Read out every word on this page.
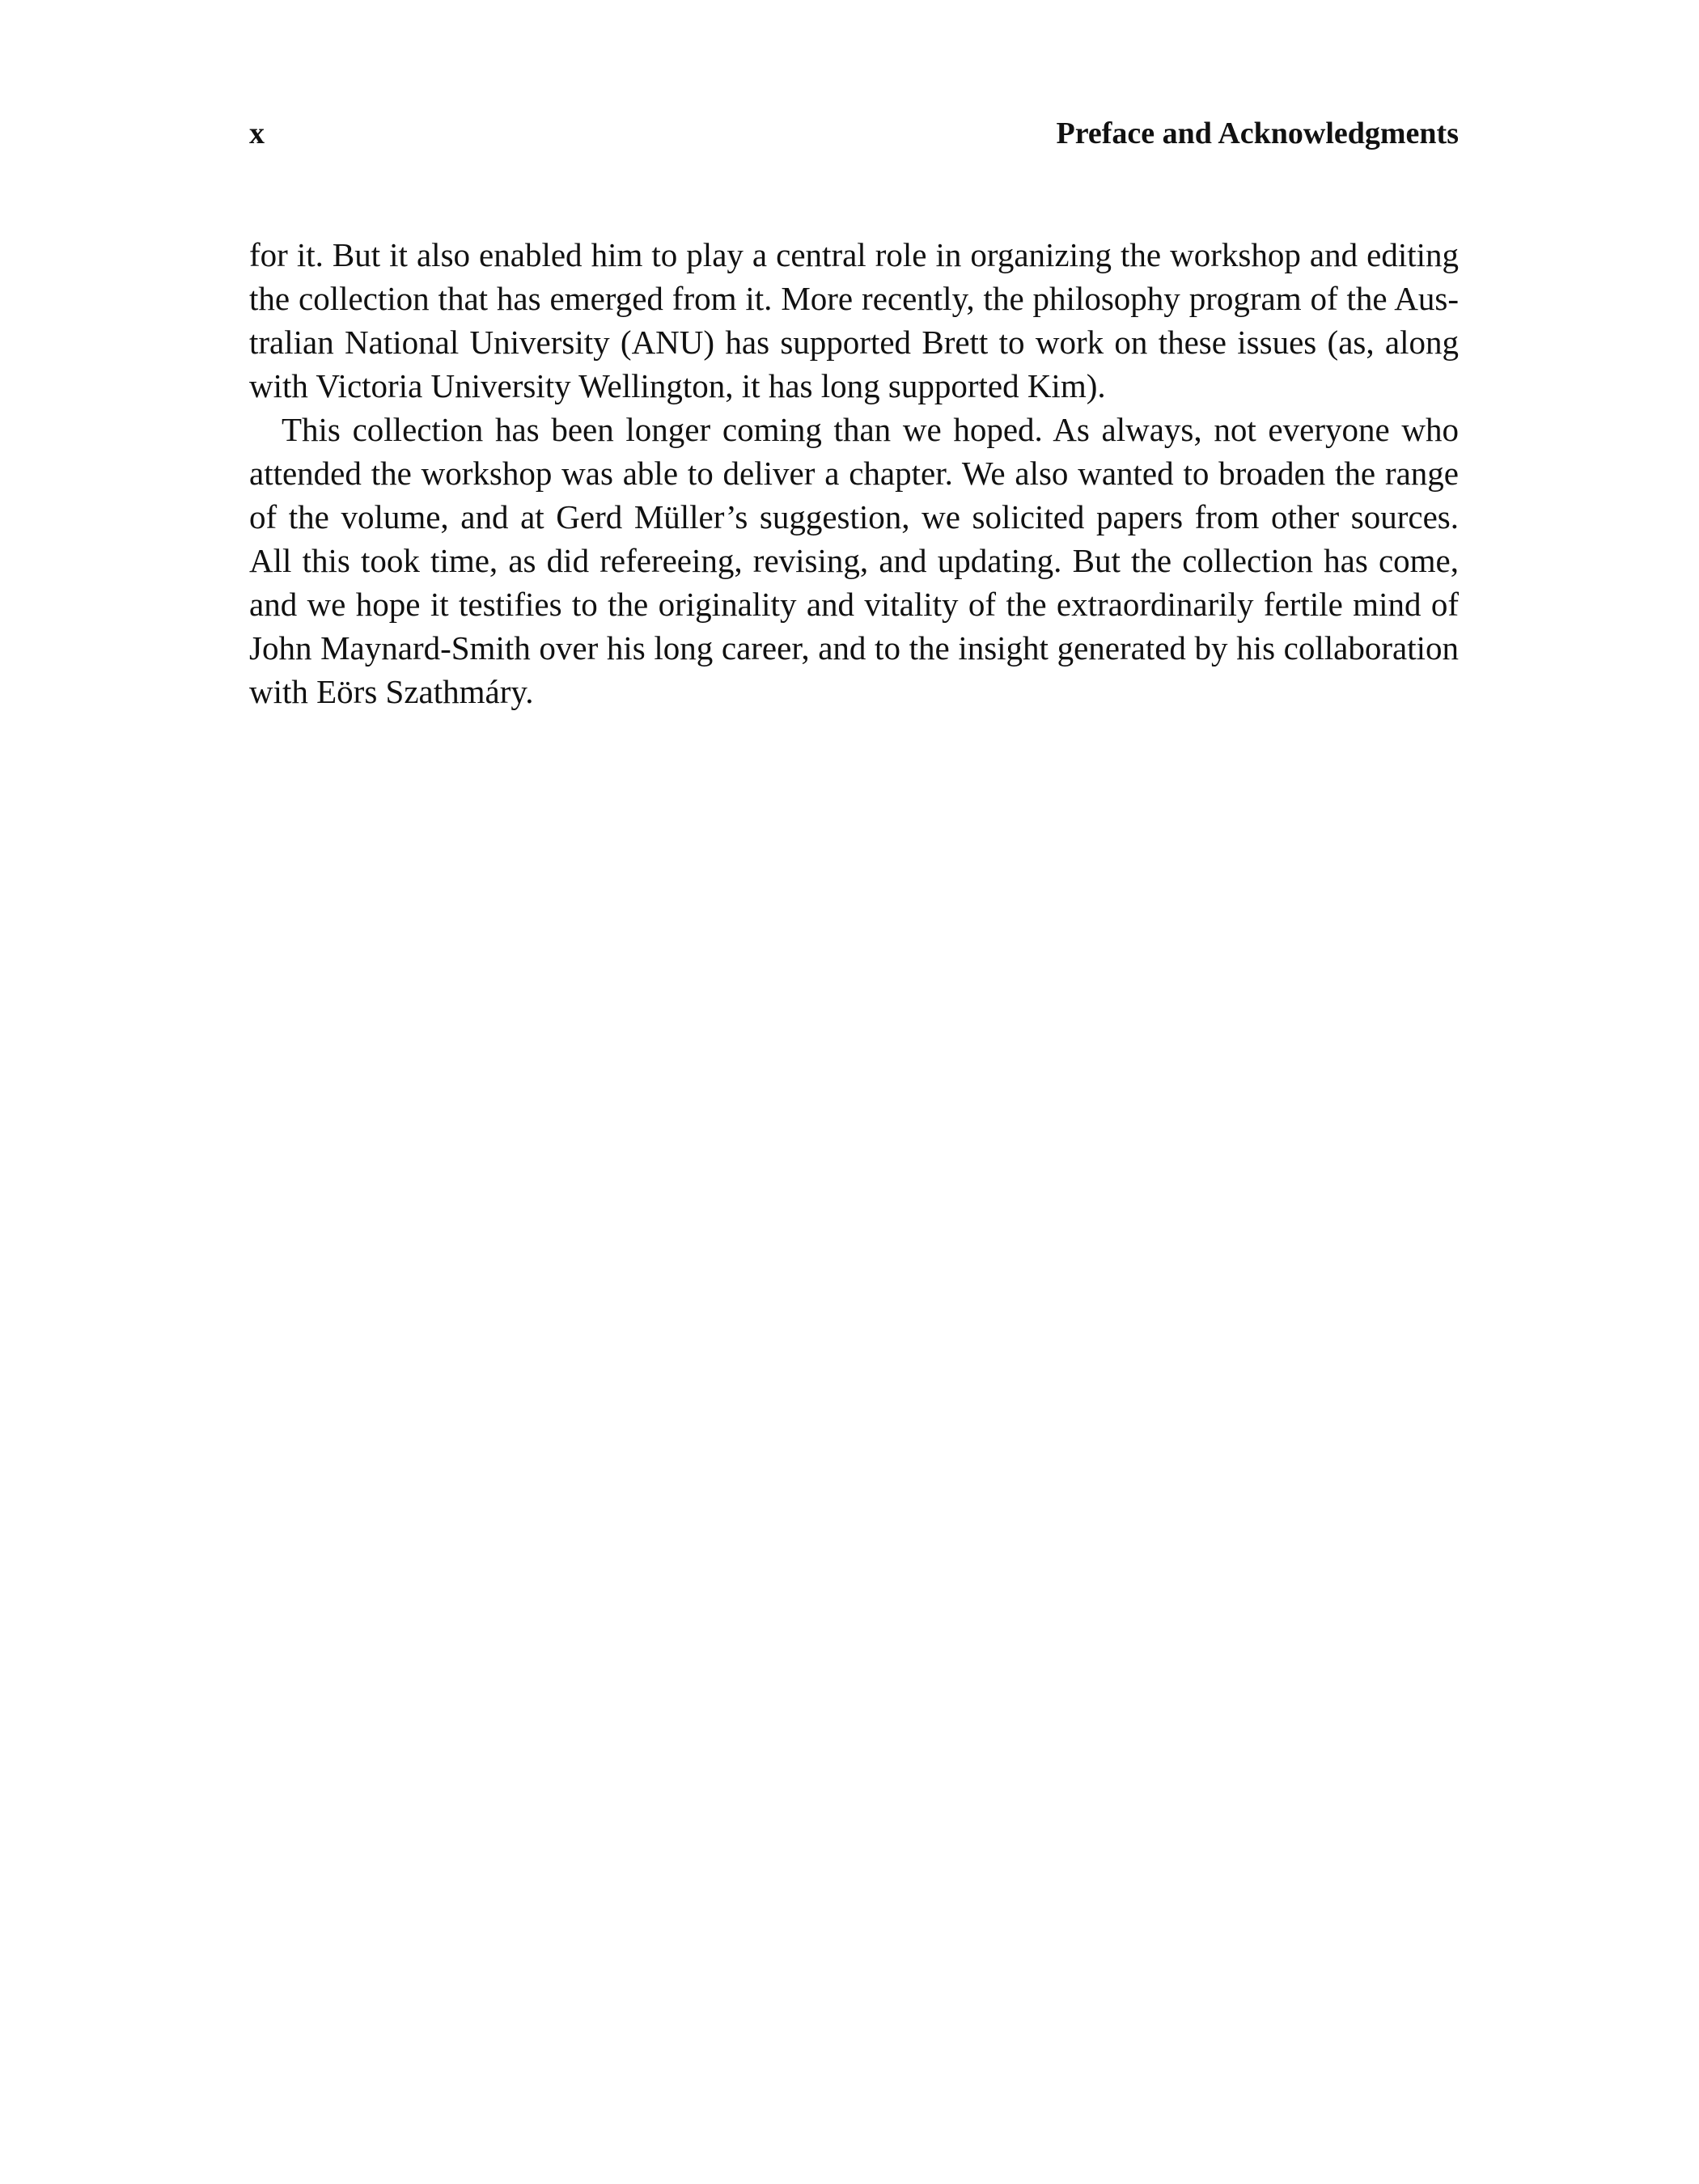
x	Preface and Acknowledgments

for it. But it also enabled him to play a central role in organizing the workshop and editing the collection that has emerged from it. More recently, the philosophy program of the Australian National University (ANU) has supported Brett to work on these issues (as, along with Victoria University Wellington, it has long supported Kim).

This collection has been longer coming than we hoped. As always, not everyone who attended the workshop was able to deliver a chapter. We also wanted to broaden the range of the volume, and at Gerd Müller’s suggestion, we solicited papers from other sources. All this took time, as did refereeing, revising, and updating. But the collection has come, and we hope it testifies to the originality and vitality of the extraordinarily fertile mind of John Maynard-Smith over his long career, and to the insight generated by his collaboration with Eörs Szathmáry.
